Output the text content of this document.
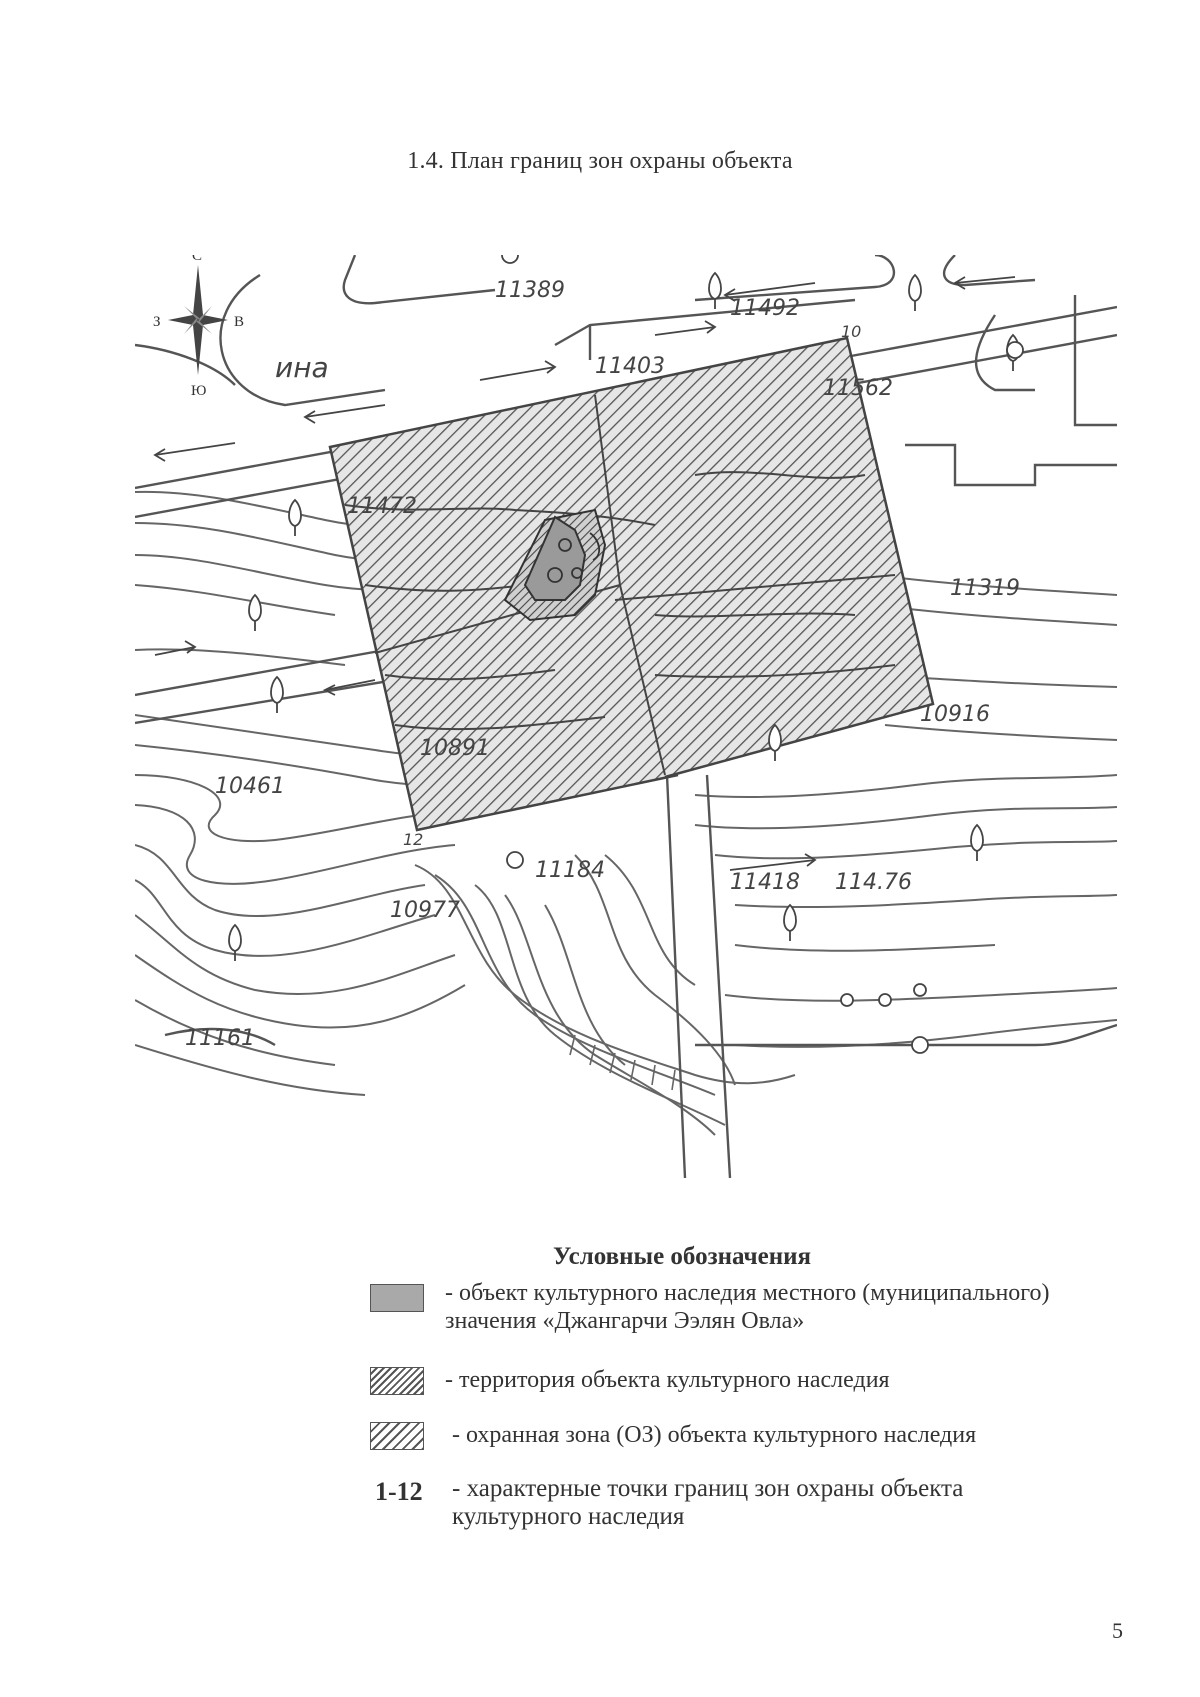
1.4. План границ зон охраны объекта
11389
11492
11403
11562
11472
11319
10891
10461
10916
11184	11418 114.76
10977
11161
ина
10
12
С
Ю
З	В
Условные обозначения
- объект культурного наследия местного (муниципального)
значения «Джангарчи Ээлян Овла»
- территория объекта культурного наследия
- охранная зона (ОЗ) объекта культурного наследия
1-12 - характерные точки границ зон охраны объекта
культурного наследия
5
